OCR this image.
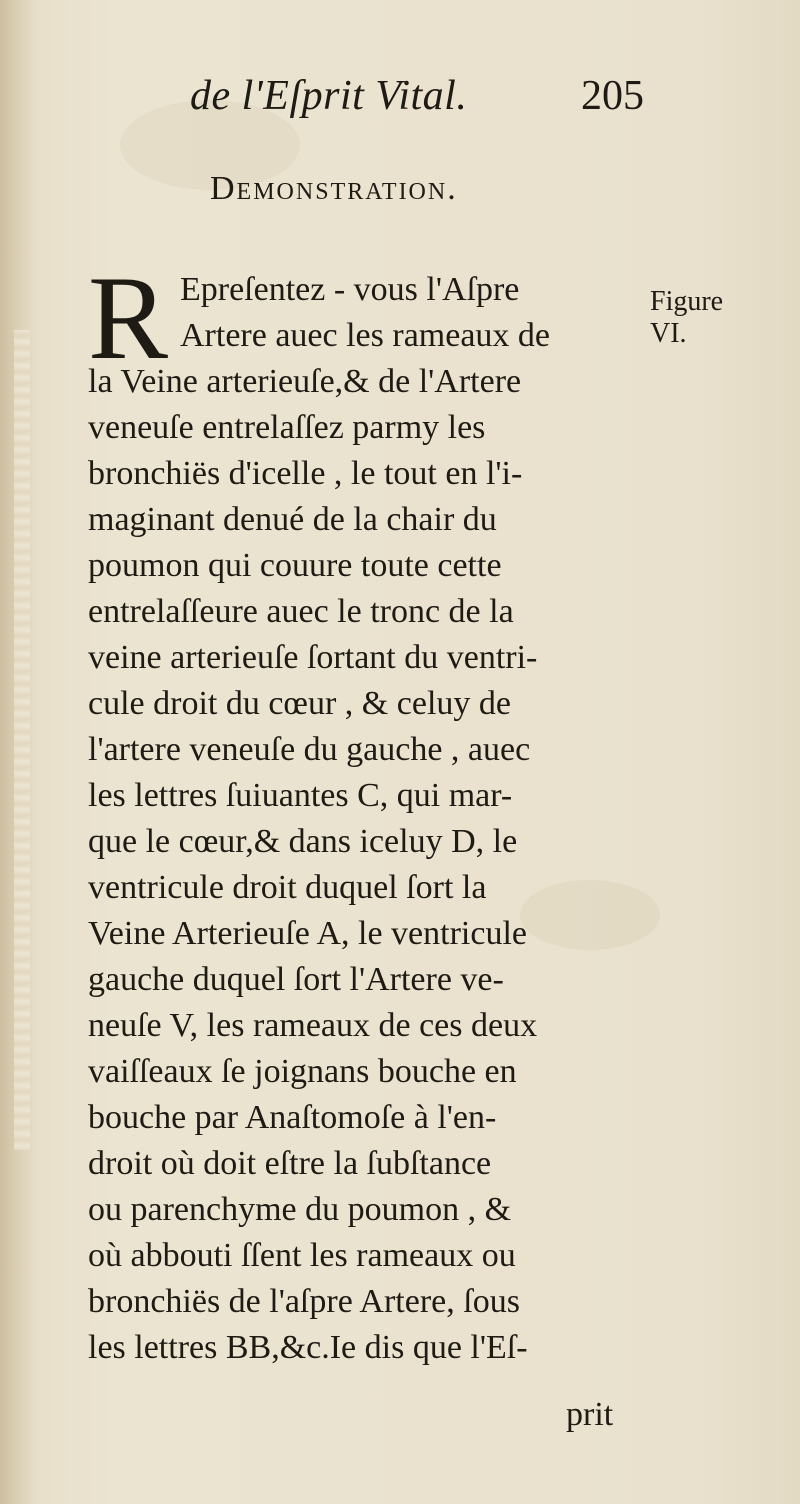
de l'Eſprit Vital.	205
Demonstration.
Figure
VI.
R Epreſentez - vous l'Aſpre
Artere auec les rameaux de
la Veine arterieuſe,& de l'Artere
veneuſe entrelaſſez parmy les
bronchiës d'icelle , le tout en l'i-
maginant denué de la chair du
poumon qui couure toute cette
entrelaſſeure auec le tronc de la
veine arterieuſe ſortant du ventri-
cule droit du cœur , & celuy de
l'artere veneuſe du gauche , auec
les lettres ſuiuantes C, qui mar-
que le cœur,& dans iceluy D, le
ventricule droit duquel ſort la
Veine Arterieuſe A, le ventricule
gauche duquel ſort l'Artere ve-
neuſe V, les rameaux de ces deux
vaiſſeaux ſe joignans bouche en
bouche par Anaſtomoſe à l'en-
droit où doit eſtre la ſubſtance
ou parenchyme du poumon , &
où abbouti ſſent les rameaux ou
bronchiës de l'aſpre Artere, ſous
les lettres BB,&c.Ie dis que l'Eſ-
prit
